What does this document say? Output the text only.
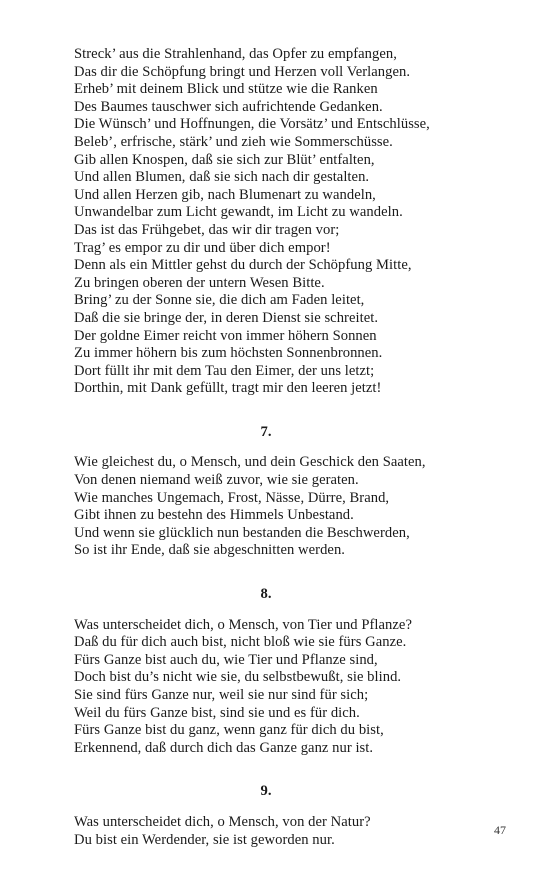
Streck’ aus die Strahlenhand, das Opfer zu empfangen,
Das dir die Schöpfung bringt und Herzen voll Verlangen.
Erheb’ mit deinem Blick und stütze wie die Ranken
Des Baumes tauschwer sich aufrichtende Gedanken.
Die Wünsch’ und Hoffnungen, die Vorsätz’ und Entschlüsse,
Beleb’, erfrische, stärk’ und zieh wie Sommerschüsse.
Gib allen Knospen, daß sie sich zur Blüt’ entfalten,
Und allen Blumen, daß sie sich nach dir gestalten.
Und allen Herzen gib, nach Blumenart zu wandeln,
Unwandelbar zum Licht gewandt, im Licht zu wandeln.
Das ist das Frühgebet, das wir dir tragen vor;
Trag’ es empor zu dir und über dich empor!
Denn als ein Mittler gehst du durch der Schöpfung Mitte,
Zu bringen oberen der untern Wesen Bitte.
Bring’ zu der Sonne sie, die dich am Faden leitet,
Daß die sie bringe der, in deren Dienst sie schreitet.
Der goldne Eimer reicht von immer höhern Sonnen
Zu immer höhern bis zum höchsten Sonnenbronnen.
Dort füllt ihr mit dem Tau den Eimer, der uns letzt;
Dorthin, mit Dank gefüllt, tragt mir den leeren jetzt!
7.
Wie gleichest du, o Mensch, und dein Geschick den Saaten,
Von denen niemand weiß zuvor, wie sie geraten.
Wie manches Ungemach, Frost, Nässe, Dürre, Brand,
Gibt ihnen zu bestehn des Himmels Unbestand.
Und wenn sie glücklich nun bestanden die Beschwerden,
So ist ihr Ende, daß sie abgeschnitten werden.
8.
Was unterscheidet dich, o Mensch, von Tier und Pflanze?
Daß du für dich auch bist, nicht bloß wie sie fürs Ganze.
Fürs Ganze bist auch du, wie Tier und Pflanze sind,
Doch bist du’s nicht wie sie, du selbstbewußt, sie blind.
Sie sind fürs Ganze nur, weil sie nur sind für sich;
Weil du fürs Ganze bist, sind sie und es für dich.
Fürs Ganze bist du ganz, wenn ganz für dich du bist,
Erkennend, daß durch dich das Ganze ganz nur ist.
9.
Was unterscheidet dich, o Mensch, von der Natur?
Du bist ein Werdender, sie ist geworden nur.
47
